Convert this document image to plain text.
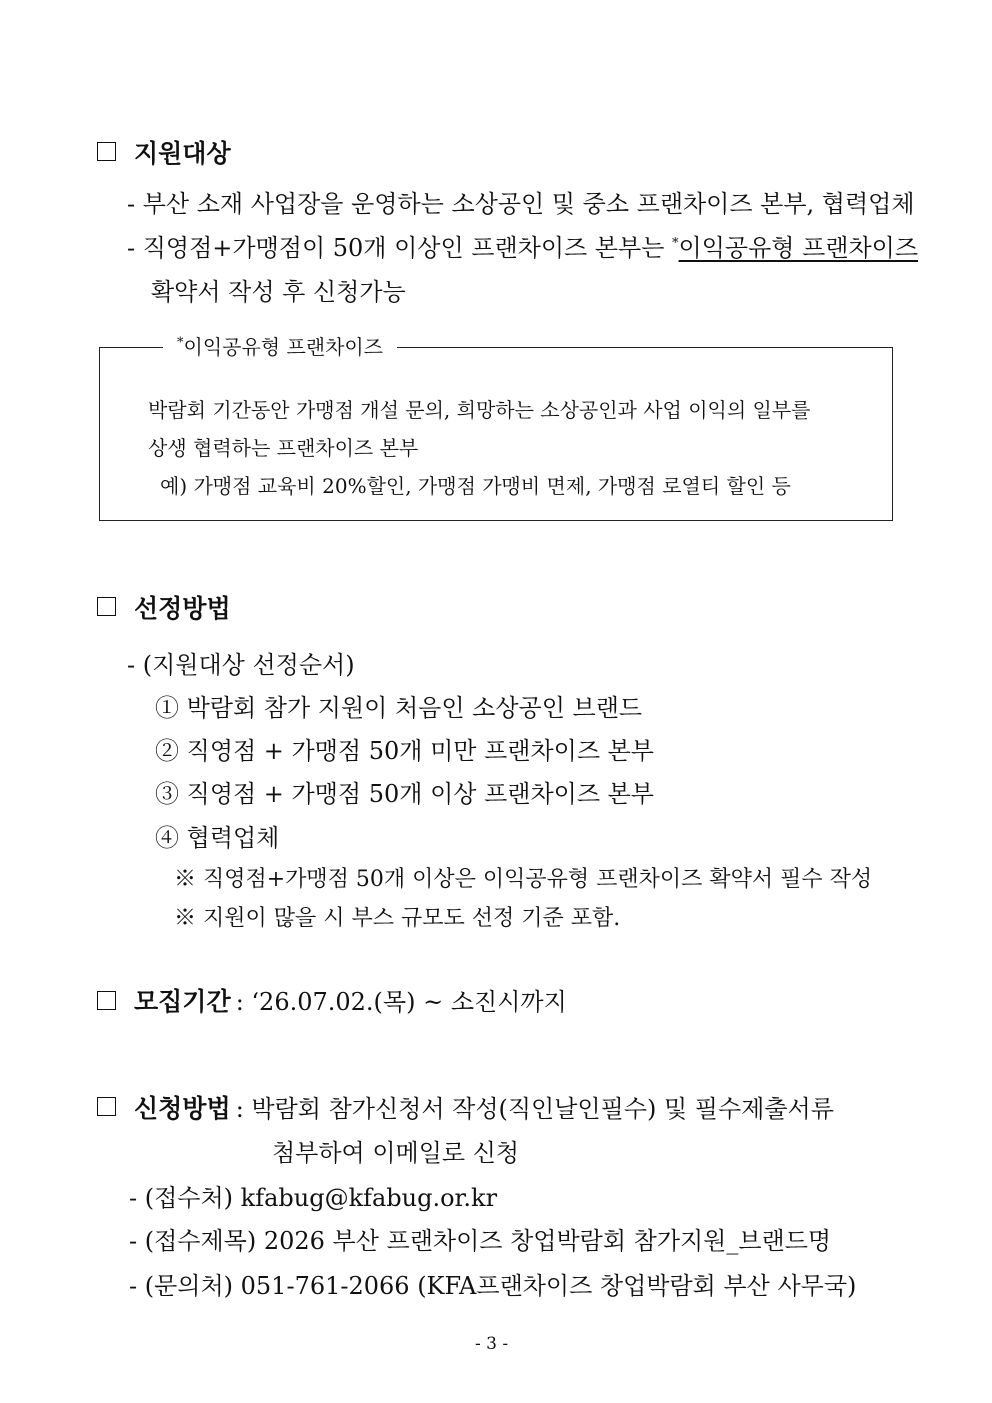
지원대상
- 부산 소재 사업장을 운영하는 소상공인 및 중소 프랜차이즈 본부, 협력업체
- 직영점+가맹점이 50개 이상인 프랜차이즈 본부는 *이익공유형 프랜차이즈
확약서 작성 후 신청가능
*이익공유형 프랜차이즈
박람회 기간동안 가맹점 개설 문의, 희망하는 소상공인과 사업 이익의 일부를
상생 협력하는 프랜차이즈 본부
예) 가맹점 교육비 20%할인, 가맹점 가맹비 면제, 가맹점 로열티 할인 등
선정방법
- (지원대상 선정순서)
① 박람회 참가 지원이 처음인 소상공인 브랜드
② 직영점 + 가맹점 50개 미만 프랜차이즈 본부
③ 직영점 + 가맹점 50개 이상 프랜차이즈 본부
④ 협력업체
※ 직영점+가맹점 50개 이상은 이익공유형 프랜차이즈 확약서 필수 작성
※ 지원이 많을 시 부스 규모도 선정 기준 포함.
모집기간 : ‘26.07.02.(목) ~ 소진시까지
신청방법 : 박람회 참가신청서 작성(직인날인필수) 및 필수제출서류
첨부하여 이메일로 신청
- (접수처) kfabug@kfabug.or.kr
- (접수제목) 2026 부산 프랜차이즈 창업박람회 참가지원_브랜드명
- (문의처) 051-761-2066 (KFA프랜차이즈 창업박람회 부산 사무국)
- 3 -
